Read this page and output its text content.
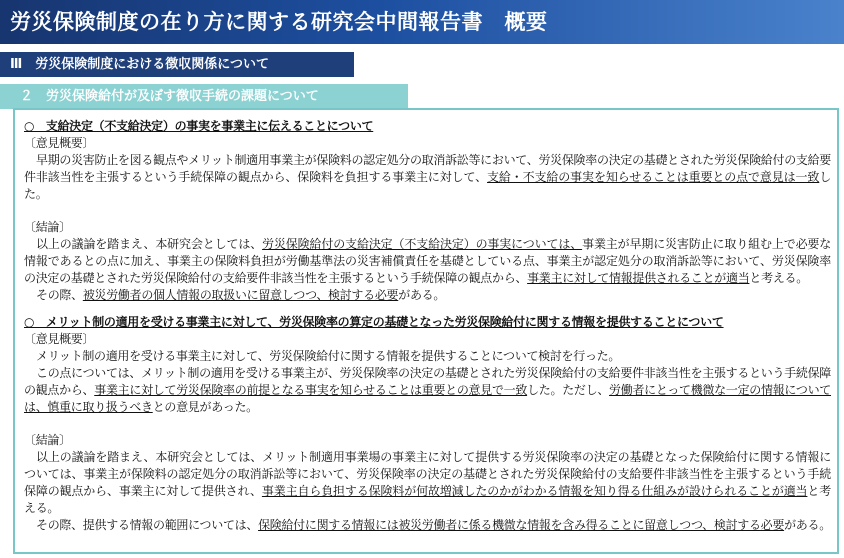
労災保険制度の在り方に関する研究会中間報告書　概要
Ⅲ　労災保険制度における徴収関係について
２　労災保険給付が及ぼす徴収手続の課題について
○　支給決定（不支給決定）の事実を事業主に伝えることについて
〔意見概要〕

早期の災害防止を図る観点やメリット制適用事業主が保険料の認定処分の取消訴訟等において、労災保険率の決定の基礎とされた労災保険給付の支給要件非該当性を主張するという手続保障の観点から、保険料を負担する事業主に対して、支給・不支給の事実を知らせることは重要との点で意見は一致した。

〔結論〕

以上の議論を踏まえ、本研究会としては、労災保険給付の支給決定（不支給決定）の事実については、事業主が早期に災害防止に取り組む上で必要な情報であるとの点に加え、事業主の保険料負担が労働基準法の災害補償責任を基礎としている点、事業主が認定処分の取消訴訟等において、労災保険率の決定の基礎とされた労災保険給付の支給要件非該当性を主張するという手続保障の観点から、事業主に対して情報提供されることが適当と考える。

その際、被災労働者の個人情報の取扱いに留意しつつ、検討する必要がある。

○　メリット制の適用を受ける事業主に対して、労災保険率の算定の基礎となった労災保険給付に関する情報を提供することについて
〔意見概要〕

メリット制の適用を受ける事業主に対して、労災保険給付に関する情報を提供することについて検討を行った。

この点については、メリット制の適用を受ける事業主が、労災保険率の決定の基礎とされた労災保険給付の支給要件非該当性を主張するという手続保障の観点から、事業主に対して労災保険率の前提となる事実を知らせることは重要との意見で一致した。ただし、労働者にとって機微な一定の情報については、慎重に取り扱うべきとの意見があった。

〔結論〕

以上の議論を踏まえ、本研究会としては、メリット制適用事業場の事業主に対して提供する労災保険率の決定の基礎となった保険給付に関する情報については、事業主が保険料の認定処分の取消訴訟等において、労災保険率の決定の基礎とされた労災保険給付の支給要件非該当性を主張するという手続保障の観点から、事業主に対して提供され、事業主自ら負担する保険料が何故増減したのかがわかる情報を知り得る仕組みが設けられることが適当と考える。

その際、提供する情報の範囲については、保険給付に関する情報には被災労働者に係る機微な情報を含み得ることに留意しつつ、検討する必要がある。
